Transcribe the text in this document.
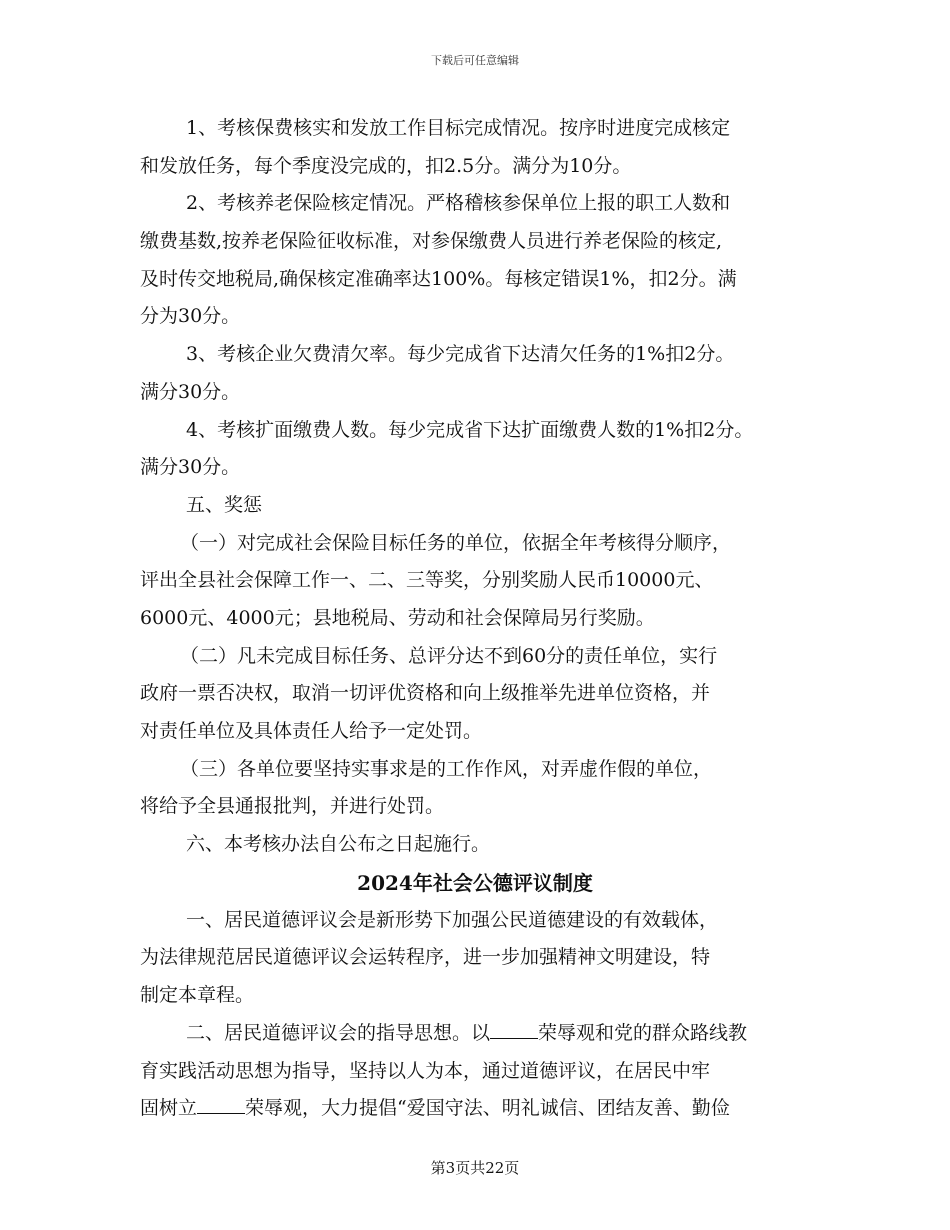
下载后可任意编辑
1、考核保费核实和发放工作目标完成情况。按序时进度完成核定
和发放任务，每个季度没完成的，扣2.5分。满分为10分。
2、考核养老保险核定情况。严格稽核参保单位上报的职工人数和
缴费基数,按养老保险征收标准，对参保缴费人员进行养老保险的核定,
及时传交地税局,确保核定准确率达100%。每核定错误1%，扣2分。满
分为30分。
3、考核企业欠费清欠率。每少完成省下达清欠任务的1%扣2分。
满分30分。
4、考核扩面缴费人数。每少完成省下达扩面缴费人数的1%扣2分。
满分30分。
五、奖惩
（一）对完成社会保险目标任务的单位，依据全年考核得分顺序，
评出全县社会保障工作一、二、三等奖，分别奖励人民币10000元、
6000元、4000元；县地税局、劳动和社会保障局另行奖励。
（二）凡未完成目标任务、总评分达不到60分的责任单位，实行
政府一票否决权，取消一切评优资格和向上级推举先进单位资格，并
对责任单位及具体责任人给予一定处罚。
（三）各单位要坚持实事求是的工作作风，对弄虚作假的单位，
将给予全县通报批判，并进行处罚。
六、本考核办法自公布之日起施行。
2024年社会公德评议制度
一、居民道德评议会是新形势下加强公民道德建设的有效载体，
为法律规范居民道德评议会运转程序，进一步加强精神文明建设，特
制定本章程。
二、居民道德评议会的指导思想。以	荣辱观和党的群众路线教
育实践活动思想为指导，坚持以人为本，通过道德评议，在居民中牢
固树立	荣辱观，大力提倡“爱国守法、明礼诚信、团结友善、勤俭
第3页共22页
